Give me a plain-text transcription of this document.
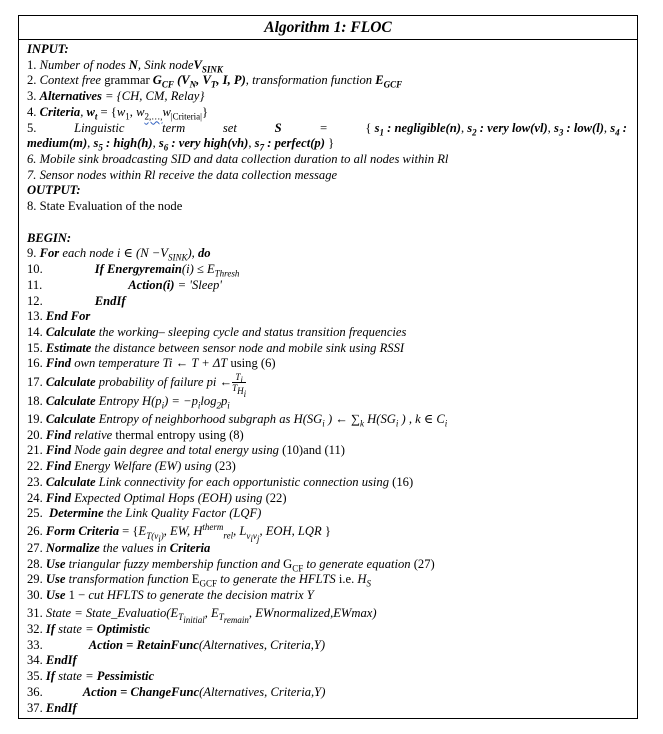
Algorithm 1: FLOC
INPUT:
1. Number of nodes N, Sink nodeV$_{SINK}$
2. Context free grammar $G_{CF}$ ($V_N$, $V_T$, I, P), transformation function $E_{GCF}$
3. Alternatives = {CH, CM, Relay}
4. Criteria, $w_t = \{w_1$, $w_{2,\dots,}w_{|Criteria|}$}
5.	Linguistic	term	set	S	=	{ $s_1$ : negligible(n), $s_2$ : very low(vl), $s_3$ : low(l), $s_4$ :
medium(m), $s_5$ : high(h), $s_6$ : very high(vh), $s_7$ : perfect(p) }
6. Mobile sink broadcasting SID and data collection duration to all nodes within Rl
7. Sensor nodes within Rl receive the data collection message
OUTPUT:
8. State Evaluation of the node
BEGIN:
9. For each node i ∈ $(N -V_{SINK})$, do
10.	If Energyremain(i) ≤ $E_{Thresh}$
11.	Action(i) = 'Sleep'
12.	EndIf
13. End For
14. Calculate the working– sleeping cycle and status transition frequencies
15. Estimate the distance between sensor node and mobile sink using RSSI
16. Find own temperature Ti ← T + ΔT using (6)
17. Calculate probability of failure pi ← $\frac{T_i}{T_{H_i}}$
18. Calculate Entropy $H(p_i) = -p_i\log_2p_i$
19. Calculate Entropy of neighborhood subgraph as $H(SG_i$ ) ← $\sum_k$ $H(SG_i$ ) , k ∈ $C_i$
20. Find relative thermal entropy using (8)
21. Find Node gain degree and total energy using (10)and (11)
22. Find Energy Welfare (EW) using (23)
23. Calculate Link connectivity for each opportunistic connection using (16)
24. Find Expected Optimal Hops (EOH) using (22)
25.  Determine the Link Quality Factor (LQF)
26. Form Criteria = {$E_{T(v_i)}$, EW, $H^{therm}_{rel}$, $L_{v_iv_j}$, EOH, LQR }
27. Normalize the values in Criteria
28. Use triangular fuzzy membership function and $G_{CF}$ to generate equation (27)
29. Use transformation function $E_{GCF}$ to generate the HFLTS i.e. $H_S$
30. Use 1 − cut HFLTS to generate the decision matrix Y
31. State = $State\_Evaluatio(E_{T_{initial}}$, $E_{T_{remain}}$, EWnormalized,EWmax)
32. If state = Optimistic
33.	Action = RetainFunc(Alternatives, Criteria,Y)
34. EndIf
35. If state = Pessimistic
36.	Action = ChangeFunc(Alternatives, Criteria,Y)
37. EndIf
